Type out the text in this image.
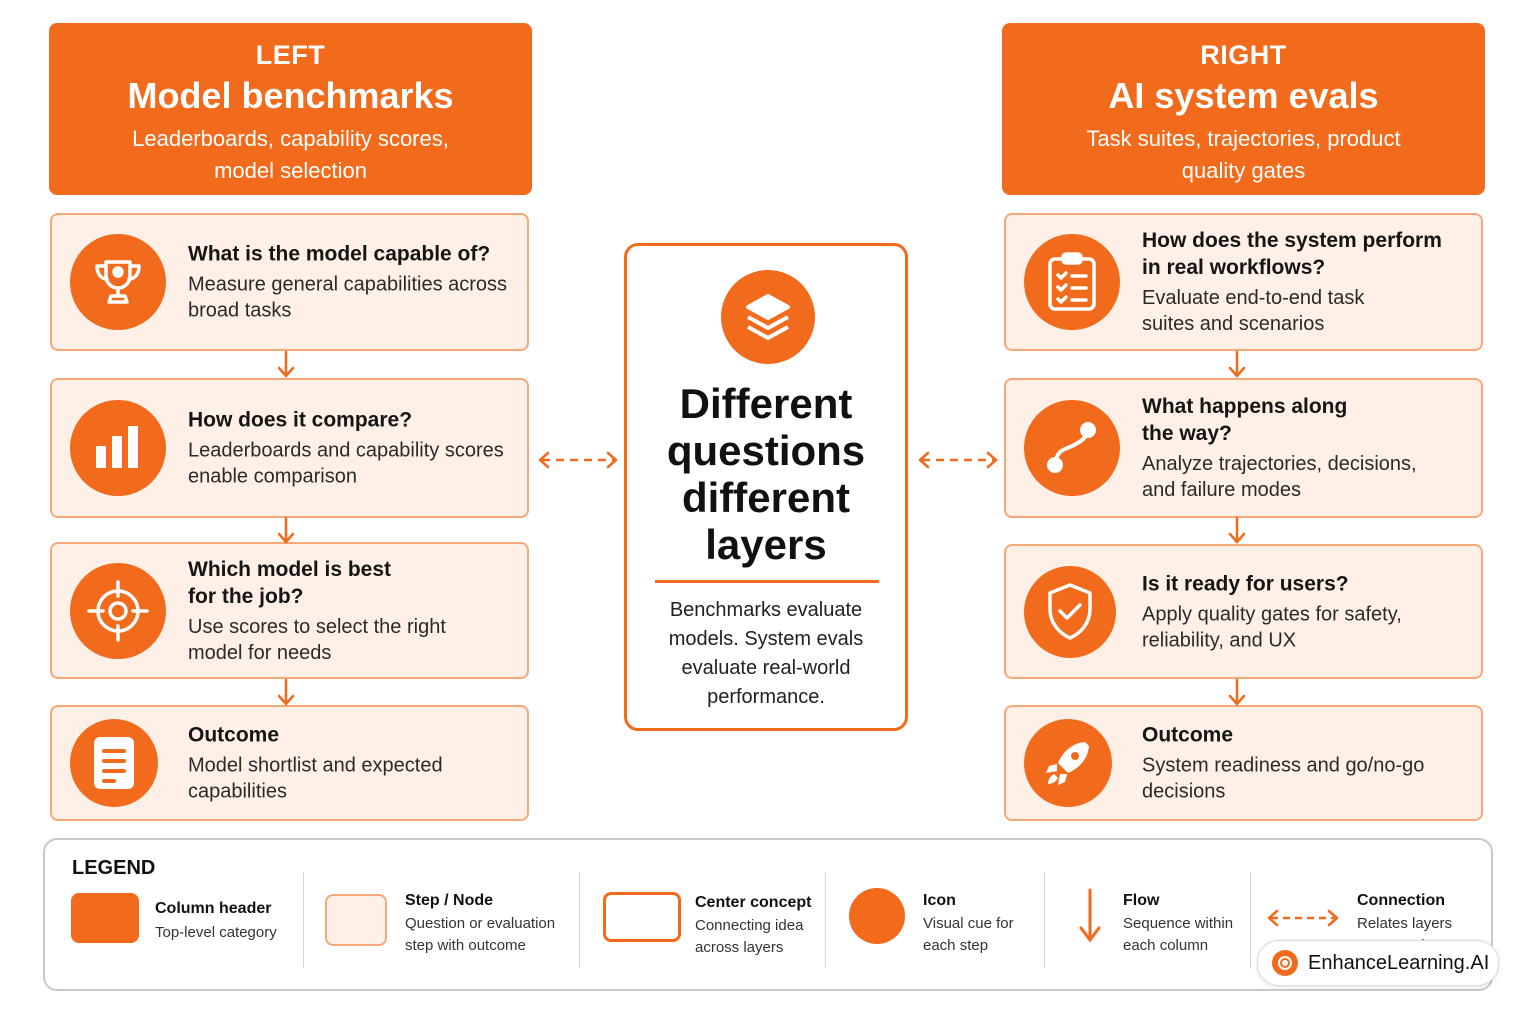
LEFT
Model benchmarks
Leaderboards, capability scores, model selection
RIGHT
AI system evals
Task suites, trajectories, product quality gates
What is the model capable of?
Measure general capabilities across broad tasks
How does it compare?
Leaderboards and capability scores enable comparison
Which model is best for the job?
Use scores to select the right model for needs
Outcome
Model shortlist and expected capabilities
How does the system perform in real workflows?
Evaluate end-to-end task suites and scenarios
What happens along the way?
Analyze trajectories, decisions, and failure modes
Is it ready for users?
Apply quality gates for safety, reliability, and UX
Outcome
System readiness and go/no-go decisions
Different questions different layers
Benchmarks evaluate models. System evals evaluate real-world performance.
LEGEND
Column header
Top-level category
Step / Node
Question or evaluation step with outcome
Center concept
Connecting idea across layers
Icon
Visual cue for each step
Flow
Sequence within each column
Connection
Relates layers
EnhanceLearning.AI
